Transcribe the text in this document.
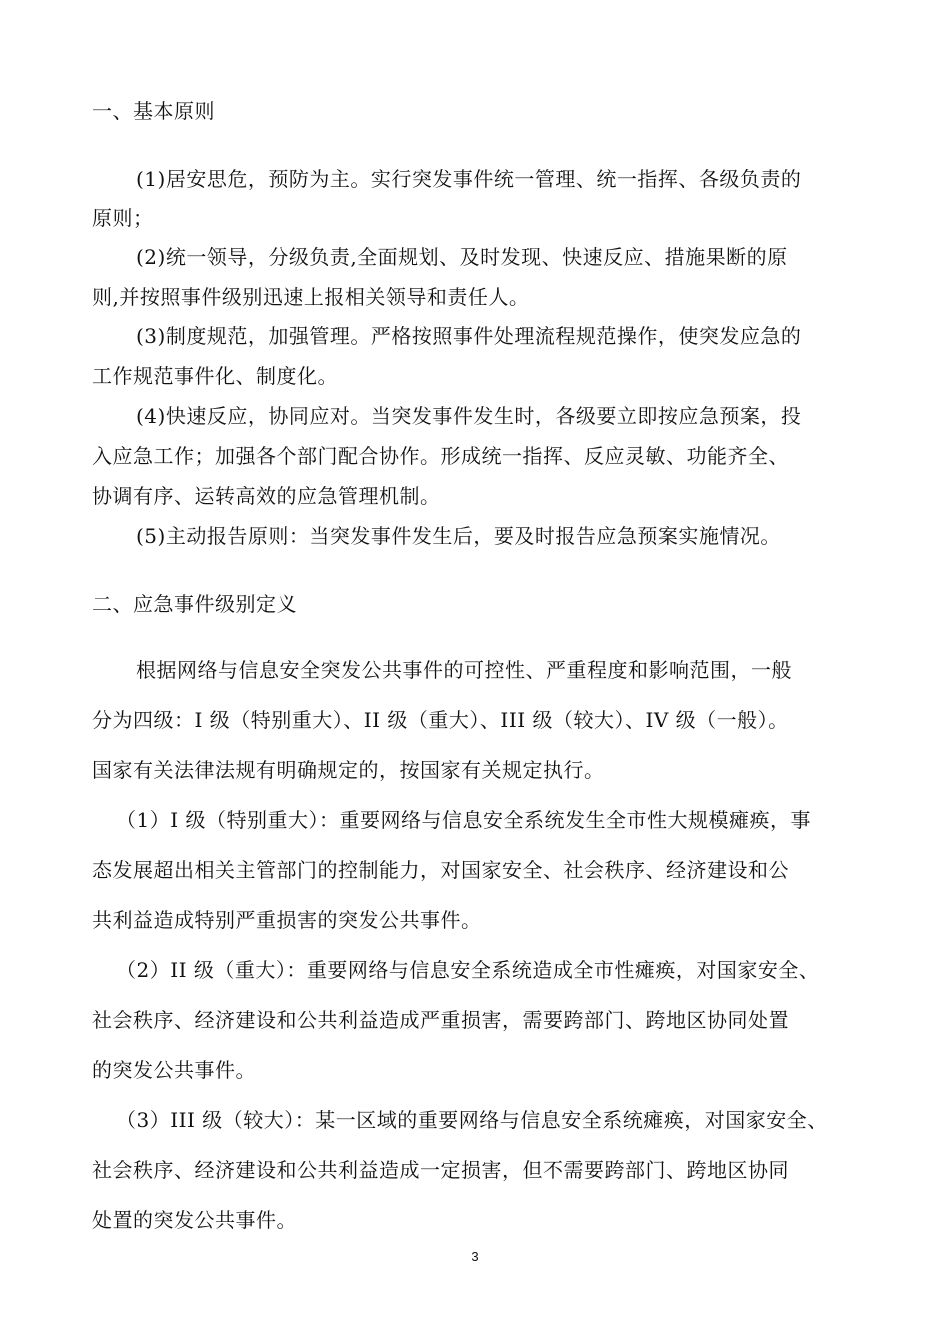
一、基本原则
(1)居安思危，预防为主。实行突发事件统一管理、统一指挥、各级负责的
原则；
(2)统一领导，分级负责,全面规划、及时发现、快速反应、措施果断的原
则,并按照事件级别迅速上报相关领导和责任人。
(3)制度规范，加强管理。严格按照事件处理流程规范操作，使突发应急的
工作规范事件化、制度化。
(4)快速反应，协同应对。当突发事件发生时，各级要立即按应急预案，投
入应急工作；加强各个部门配合协作。形成统一指挥、反应灵敏、功能齐全、
协调有序、运转高效的应急管理机制。
(5)主动报告原则：当突发事件发生后，要及时报告应急预案实施情况。
二、应急事件级别定义
根据网络与信息安全突发公共事件的可控性、严重程度和影响范围，一般
分为四级：I 级（特别重大）、II 级（重大）、III 级（较大）、IV 级（一般）。
国家有关法律法规有明确规定的，按国家有关规定执行。
（1）I 级（特别重大）：重要网络与信息安全系统发生全市性大规模瘫痪，事
态发展超出相关主管部门的控制能力，对国家安全、社会秩序、经济建设和公
共利益造成特别严重损害的突发公共事件。
（2）II 级（重大）：重要网络与信息安全系统造成全市性瘫痪，对国家安全、
社会秩序、经济建设和公共利益造成严重损害，需要跨部门、跨地区协同处置
的突发公共事件。
（3）III 级（较大）：某一区域的重要网络与信息安全系统瘫痪，对国家安全、
社会秩序、经济建设和公共利益造成一定损害，但不需要跨部门、跨地区协同
处置的突发公共事件。
3
